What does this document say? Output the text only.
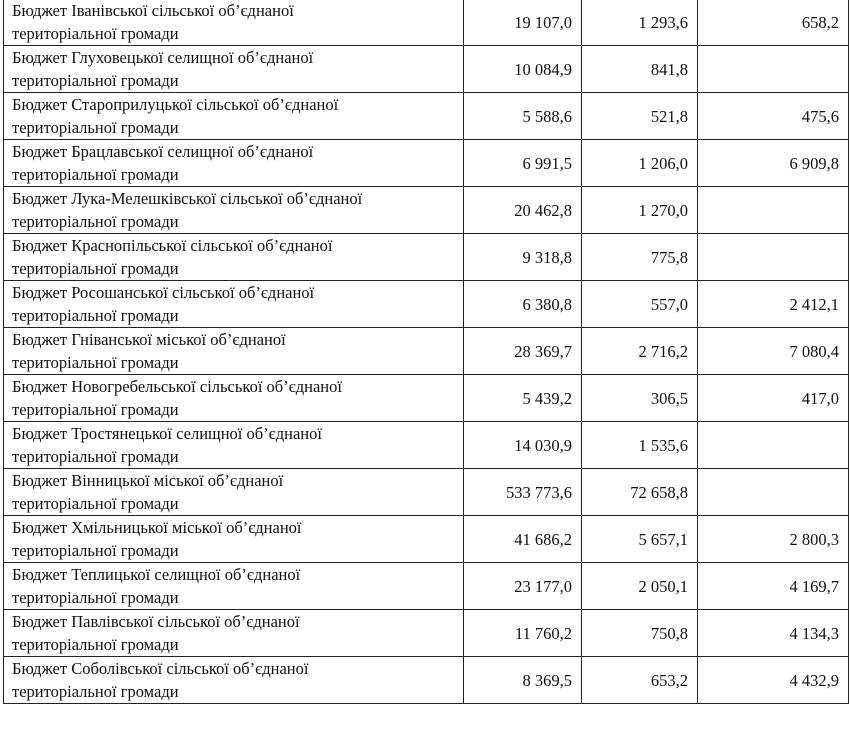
Бюджет Іванівської сільської об’єднаної
територіальної громади	19 107,0	1 293,6	658,2

Бюджет Глуховецької селищної об’єднаної
територіальної громади	10 084,9	841,8	

Бюджет Староприлуцької сільської об’єднаної
територіальної громади	5 588,6	521,8	475,6

Бюджет Брацлавської селищної об’єднаної
територіальної громади	6 991,5	1 206,0	6 909,8

Бюджет Лука-Мелешківської сільської об’єднаної
територіальної громади	20 462,8	1 270,0	

Бюджет Краснопільської сільської об’єднаної
територіальної громади	9 318,8	775,8	

Бюджет Росошанської сільської об’єднаної
територіальної громади	6 380,8	557,0	2 412,1

Бюджет Гніванської міської об’єднаної
територіальної громади	28 369,7	2 716,2	7 080,4

Бюджет Новогребельської сільської об’єднаної
територіальної громади	5 439,2	306,5	417,0

Бюджет Тростянецької селищної об’єднаної
територіальної громади	14 030,9	1 535,6	

Бюджет Вінницької міської об’єднаної
територіальної громади	533 773,6	72 658,8	

Бюджет Хмільницької міської об’єднаної
територіальної громади	41 686,2	5 657,1	2 800,3

Бюджет Теплицької селищної об’єднаної
територіальної громади	23 177,0	2 050,1	4 169,7

Бюджет Павлівської сільської об’єднаної
територіальної громади	11 760,2	750,8	4 134,3

Бюджет Соболівської сільської об’єднаної
територіальної громади	8 369,5	653,2	4 432,9
